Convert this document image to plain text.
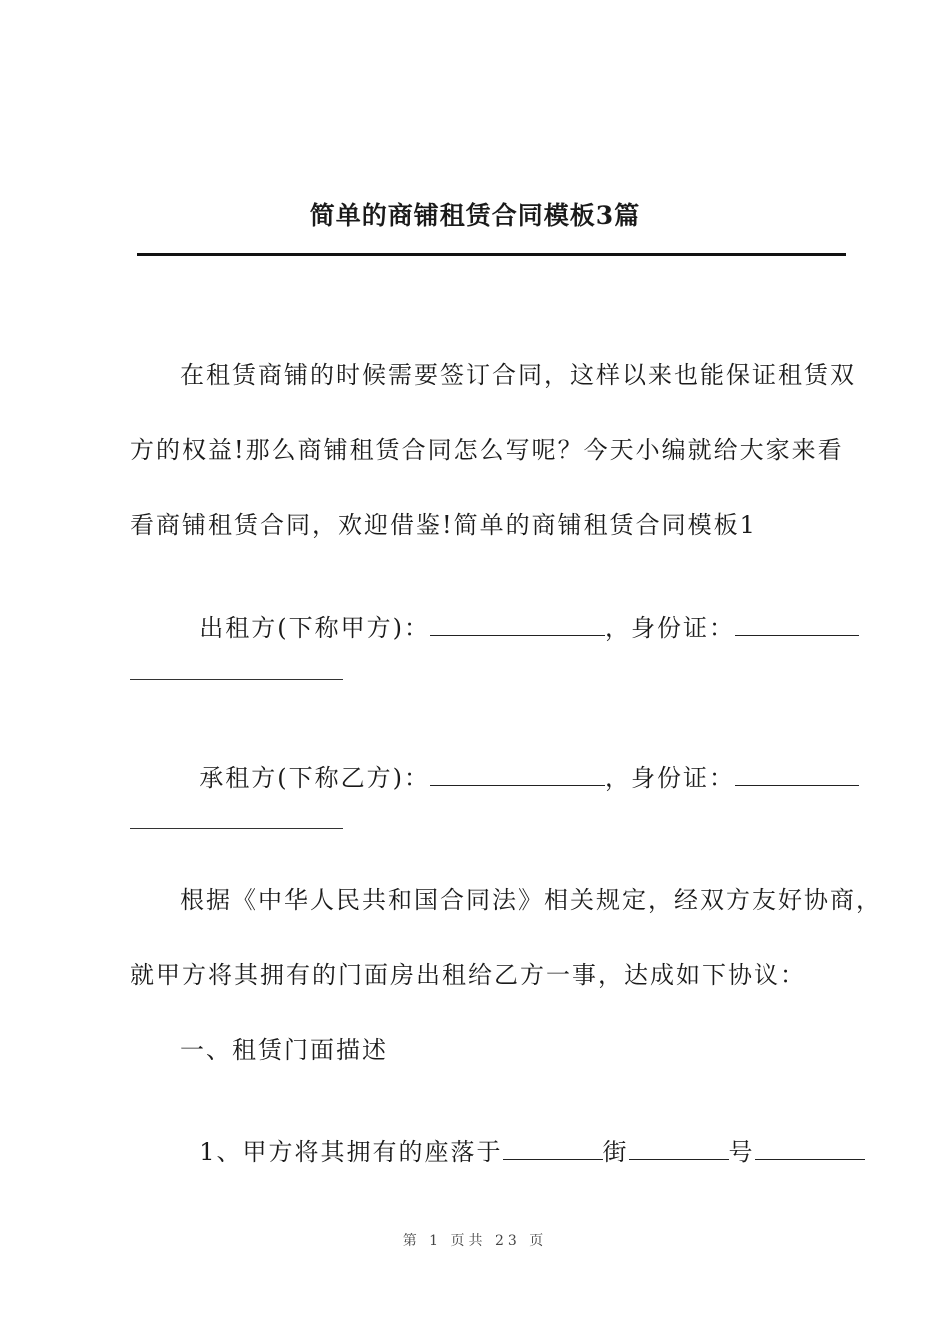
简单的商铺租赁合同模板3篇
在租赁商铺的时候需要签订合同，这样以来也能保证租赁双
方的权益!那么商铺租赁合同怎么写呢？今天小编就给大家来看
看商铺租赁合同，欢迎借鉴!简单的商铺租赁合同模板1

出租方(下称甲方)：	，身份证：

承租方(下称乙方)：	，身份证：

根据《中华人民共和国合同法》相关规定，经双方友好协商，
就甲方将其拥有的门面房出租给乙方一事，达成如下协议：
一、租赁门面描述

1、甲方将其拥有的座落于	街	号

第 1 页共 23 页
